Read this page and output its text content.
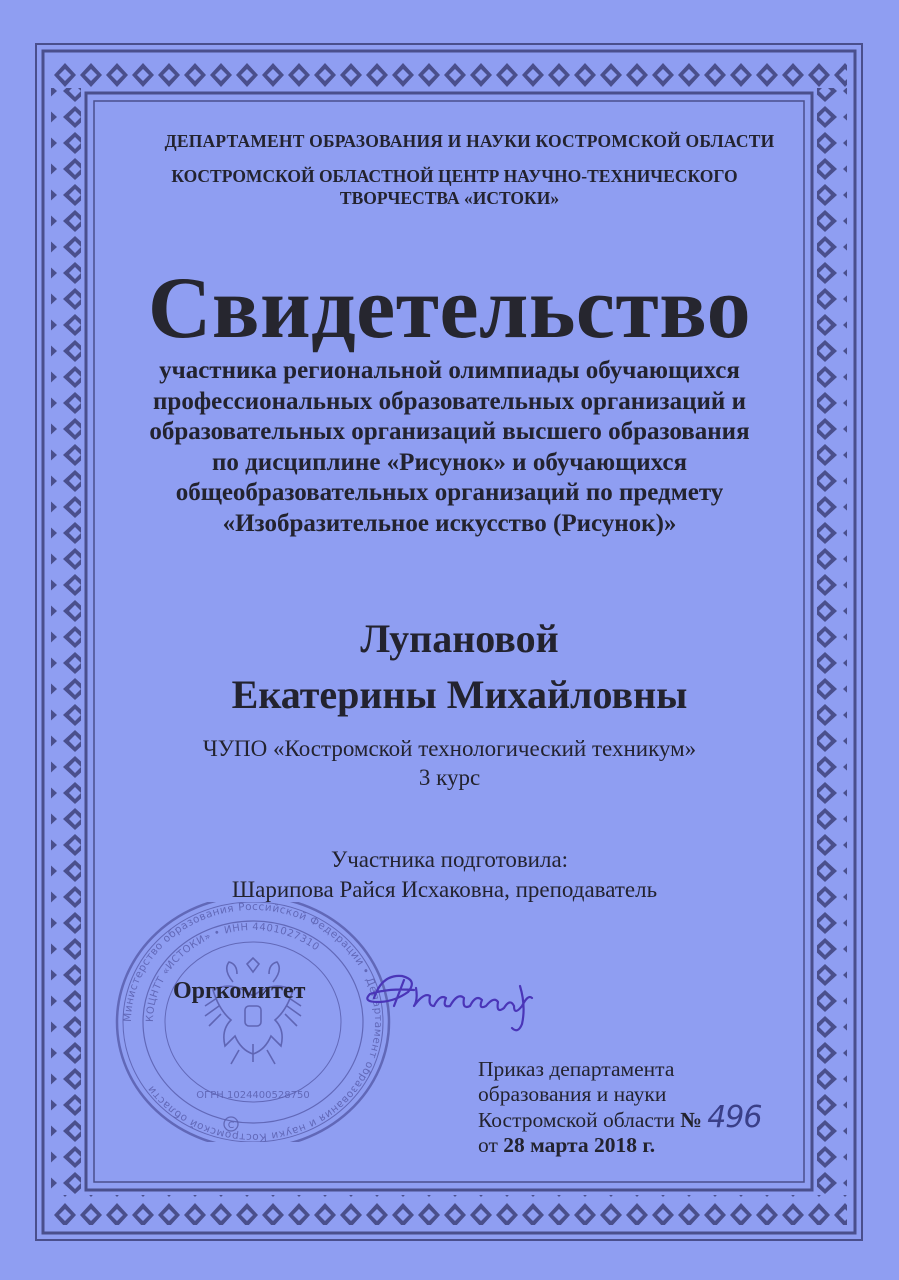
ДЕПАРТАМЕНТ ОБРАЗОВАНИЯ И НАУКИ КОСТРОМСКОЙ ОБЛАСТИ
КОСТРОМСКОЙ ОБЛАСТНОЙ ЦЕНТР НАУЧНО-ТЕХНИЧЕСКОГО
ТВОРЧЕСТВА «ИСТОКИ»
Свидетельство
участника региональной олимпиады обучающихся
профессиональных образовательных организаций и
образовательных организаций высшего образования
по дисциплине «Рисунок» и обучающихся
общеобразовательных организаций по предмету
«Изобразительное искусство (Рисунок)»
Лупановой
Екатерины Михайловны
ЧУПО «Костромской технологический техникум»
3 курс
Участника подготовила:
Шарипова Райся Исхаковна, преподаватель
Министерство образования Российской Федерации • Департамент образования и науки Костромской области
КОЦНТТ «ИСТОКИ» • ИНН 4401027310
ОГРН 1024400528750
С
Оргкомитет
Приказ департамента
образования и науки
Костромской области № 496
от 28 марта 2018 г.
